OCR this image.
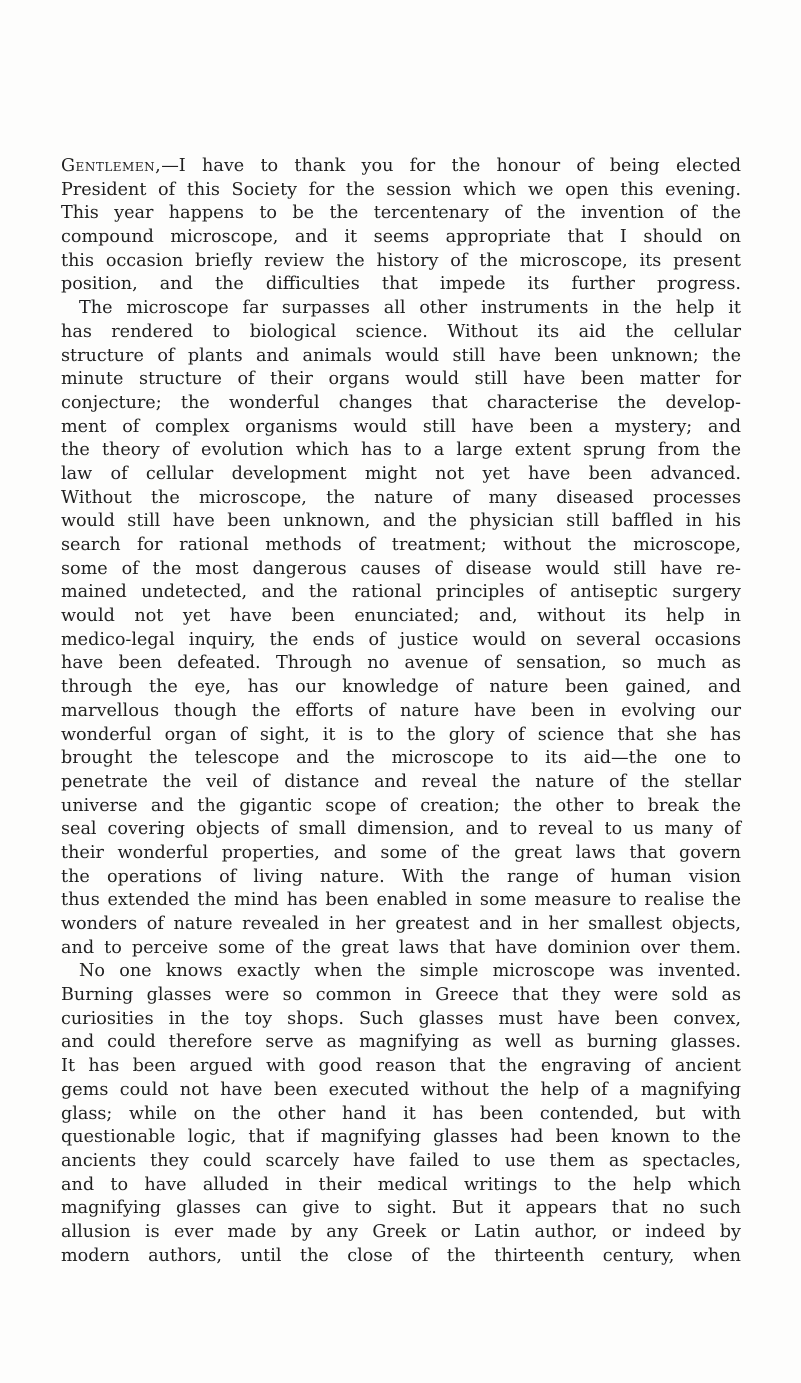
Gentlemen,—I have to thank you for the honour of being elected
President of this Society for the session which we open this evening.
This year happens to be the tercentenary of the invention of the
compound microscope, and it seems appropriate that I should on
this occasion briefly review the history of the microscope, its present
position, and the difficulties that impede its further progress.
The microscope far surpasses all other instruments in the help it
has rendered to biological science. Without its aid the cellular
structure of plants and animals would still have been unknown; the
minute structure of their organs would still have been matter for
conjecture; the wonderful changes that characterise the develop-
ment of complex organisms would still have been a mystery; and
the theory of evolution which has to a large extent sprung from the
law of cellular development might not yet have been advanced.
Without the microscope, the nature of many diseased processes
would still have been unknown, and the physician still baffled in his
search for rational methods of treatment; without the microscope,
some of the most dangerous causes of disease would still have re-
mained undetected, and the rational principles of antiseptic surgery
would not yet have been enunciated; and, without its help in
medico-legal inquiry, the ends of justice would on several occasions
have been defeated. Through no avenue of sensation, so much as
through the eye, has our knowledge of nature been gained, and
marvellous though the efforts of nature have been in evolving our
wonderful organ of sight, it is to the glory of science that she has
brought the telescope and the microscope to its aid—the one to
penetrate the veil of distance and reveal the nature of the stellar
universe and the gigantic scope of creation; the other to break the
seal covering objects of small dimension, and to reveal to us many of
their wonderful properties, and some of the great laws that govern
the operations of living nature. With the range of human vision
thus extended the mind has been enabled in some measure to realise the
wonders of nature revealed in her greatest and in her smallest objects,
and to perceive some of the great laws that have dominion over them.
No one knows exactly when the simple microscope was invented.
Burning glasses were so common in Greece that they were sold as
curiosities in the toy shops. Such glasses must have been convex,
and could therefore serve as magnifying as well as burning glasses.
It has been argued with good reason that the engraving of ancient
gems could not have been executed without the help of a magnifying
glass; while on the other hand it has been contended, but with
questionable logic, that if magnifying glasses had been known to the
ancients they could scarcely have failed to use them as spectacles,
and to have alluded in their medical writings to the help which
magnifying glasses can give to sight. But it appears that no such
allusion is ever made by any Greek or Latin author, or indeed by
modern authors, until the close of the thirteenth century, when
